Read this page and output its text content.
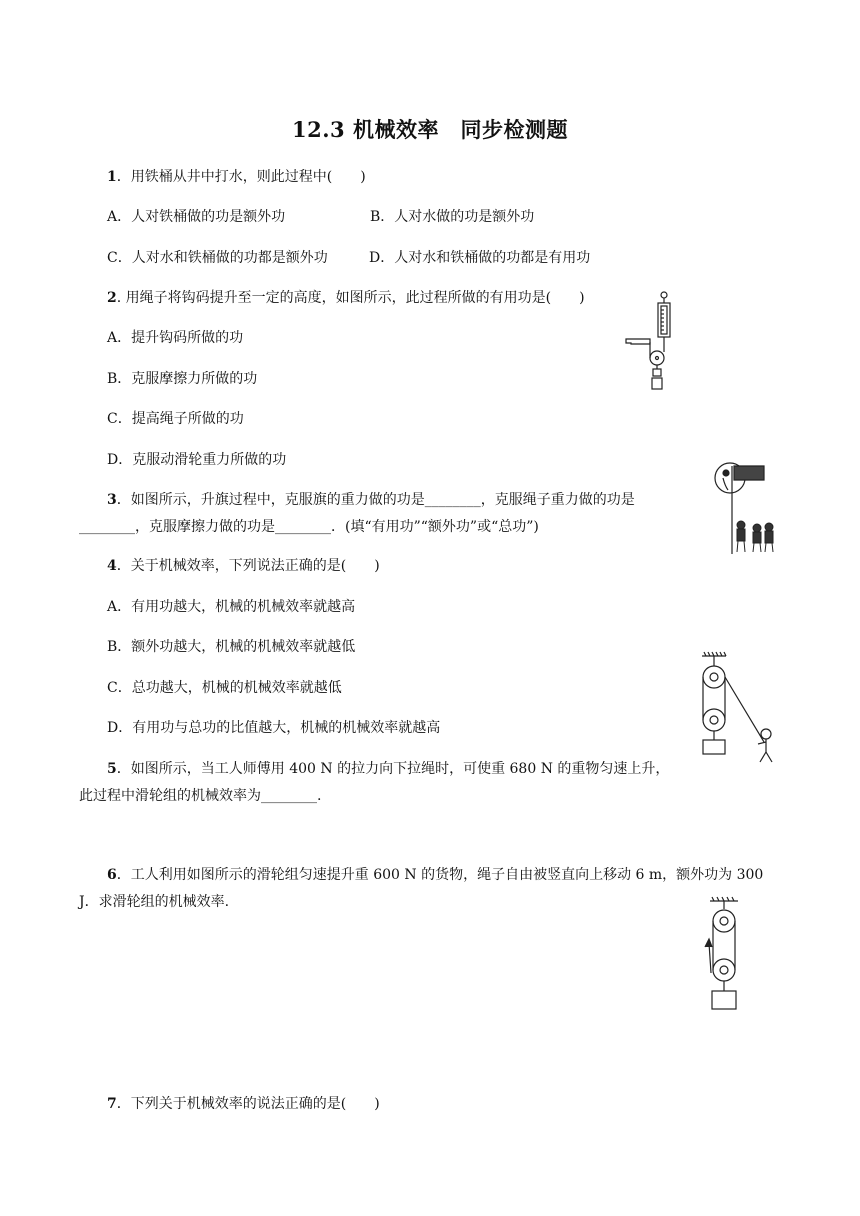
12.3 机械效率　同步检测题
1．用铁桶从井中打水，则此过程中(　　)
A．人对铁桶做的功是额外功	B．人对水做的功是额外功
C．人对水和铁桶做的功都是额外功	D．人对水和铁桶做的功都是有用功
2. 用绳子将钩码提升至一定的高度，如图所示，此过程所做的有用功是(　　)
A．提升钩码所做的功
B．克服摩擦力所做的功
C．提高绳子所做的功
D．克服动滑轮重力所做的功
3．如图所示，升旗过程中，克服旗的重力做的功是________，克服绳子重力做的功是
________，克服摩擦力做的功是________．(填“有用功”“额外功”或“总功”)
4．关于机械效率，下列说法正确的是(　　)
A．有用功越大，机械的机械效率就越高
B．额外功越大，机械的机械效率就越低
C．总功越大，机械的机械效率就越低
D．有用功与总功的比值越大，机械的机械效率就越高
5．如图所示，当工人师傅用 400 N 的拉力向下拉绳时，可使重 680 N 的重物匀速上升，
此过程中滑轮组的机械效率为________.
6．工人利用如图所示的滑轮组匀速提升重 600 N 的货物，绳子自由被竖直向上移动 6 m，额外功为 300
J．求滑轮组的机械效率.
7．下列关于机械效率的说法正确的是(　　)
